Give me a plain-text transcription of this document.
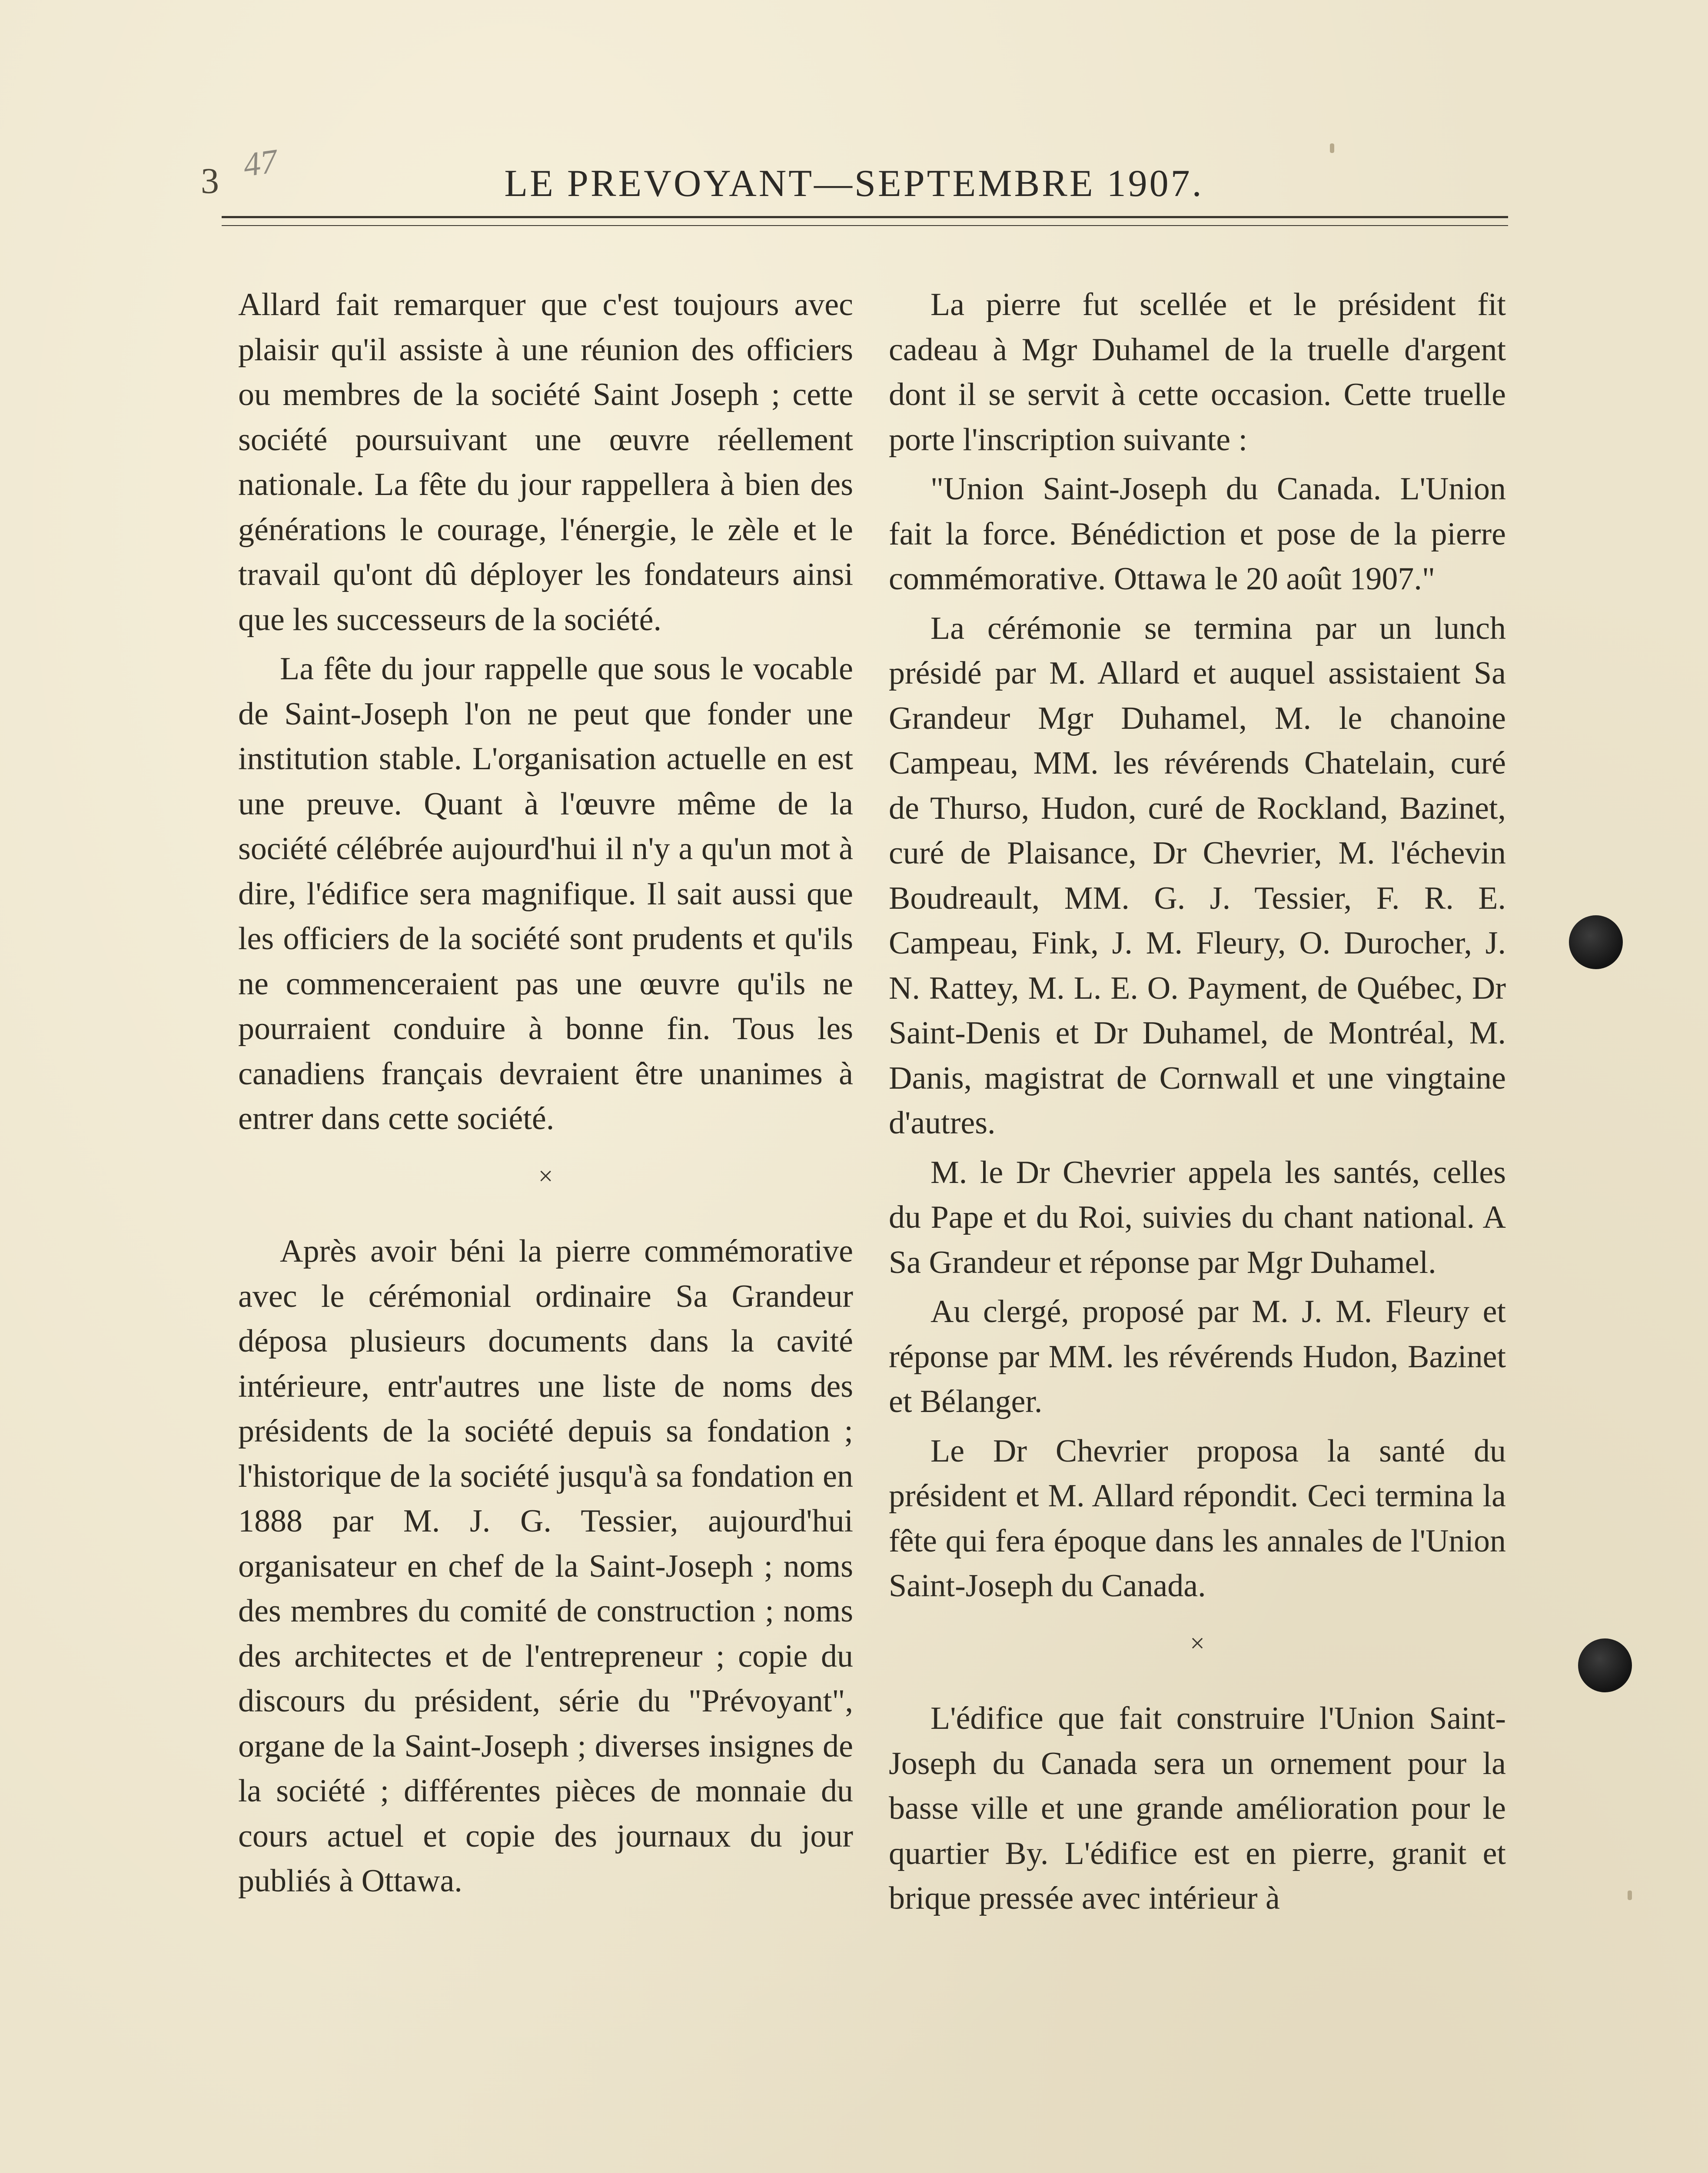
3 47	LE PREVOYANT—SEPTEMBRE 1907.

Allard fait remarquer que c'est toujours avec plaisir qu'il assiste à une réunion des officiers ou membres de la société Saint Joseph ; cette société poursuivant une œuvre réellement nationale. La fête du jour rappellera à bien des générations le courage, l'énergie, le zèle et le travail qu'ont dû déployer les fondateurs ainsi que les successeurs de la société.

La fête du jour rappelle que sous le vocable de Saint-Joseph l'on ne peut que fonder une institution stable. L'organisation actuelle en est une preuve. Quant à l'œuvre même de la société célébrée aujourd'hui il n'y a qu'un mot à dire, l'édifice sera magnifique. Il sait aussi que les officiers de la société sont prudents et qu'ils ne commenceraient pas une œuvre qu'ils ne pourraient conduire à bonne fin. Tous les canadiens français devraient être unanimes à entrer dans cette société.

×

Après avoir béni la pierre commémorative avec le cérémonial ordinaire Sa Grandeur déposa plusieurs documents dans la cavité intérieure, entr'autres une liste de noms des présidents de la société depuis sa fondation ; l'historique de la société jusqu'à sa fondation en 1888 par M. J. G. Tessier, aujourd'hui organisateur en chef de la Saint-Joseph ; noms des membres du comité de construction ; noms des architectes et de l'entrepreneur ; copie du discours du président, série du "Prévoyant", organe de la Saint-Joseph ; diverses insignes de la société ; différentes pièces de monnaie du cours actuel et copie des journaux du jour publiés à Ottawa.

La pierre fut scellée et le président fit cadeau à Mgr Duhamel de la truelle d'argent dont il se servit à cette occasion. Cette truelle porte l'inscription suivante :

"Union Saint-Joseph du Canada. L'Union fait la force. Bénédiction et pose de la pierre commémorative. Ottawa le 20 août 1907."

La cérémonie se termina par un lunch présidé par M. Allard et auquel assistaient Sa Grandeur Mgr Duhamel, M. le chanoine Campeau, MM. les révérends Chatelain, curé de Thurso, Hudon, curé de Rockland, Bazinet, curé de Plaisance, Dr Chevrier, M. l'échevin Boudreault, MM. G. J. Tessier, F. R. E. Campeau, Fink, J. M. Fleury, O. Durocher, J. N. Rattey, M. L. E. O. Payment, de Québec, Dr Saint-Denis et Dr Duhamel, de Montréal, M. Danis, magistrat de Cornwall et une vingtaine d'autres.

M. le Dr Chevrier appela les santés, celles du Pape et du Roi, suivies du chant national. A Sa Grandeur et réponse par Mgr Duhamel.

Au clergé, proposé par M. J. M. Fleury et réponse par MM. les révérends Hudon, Bazinet et Bélanger.

Le Dr Chevrier proposa la santé du président et M. Allard répondit. Ceci termina la fête qui fera époque dans les annales de l'Union Saint-Joseph du Canada.

×

L'édifice que fait construire l'Union Saint-Joseph du Canada sera un ornement pour la basse ville et une grande amélioration pour le quartier By. L'édifice est en pierre, granit et brique pressée avec intérieur à
